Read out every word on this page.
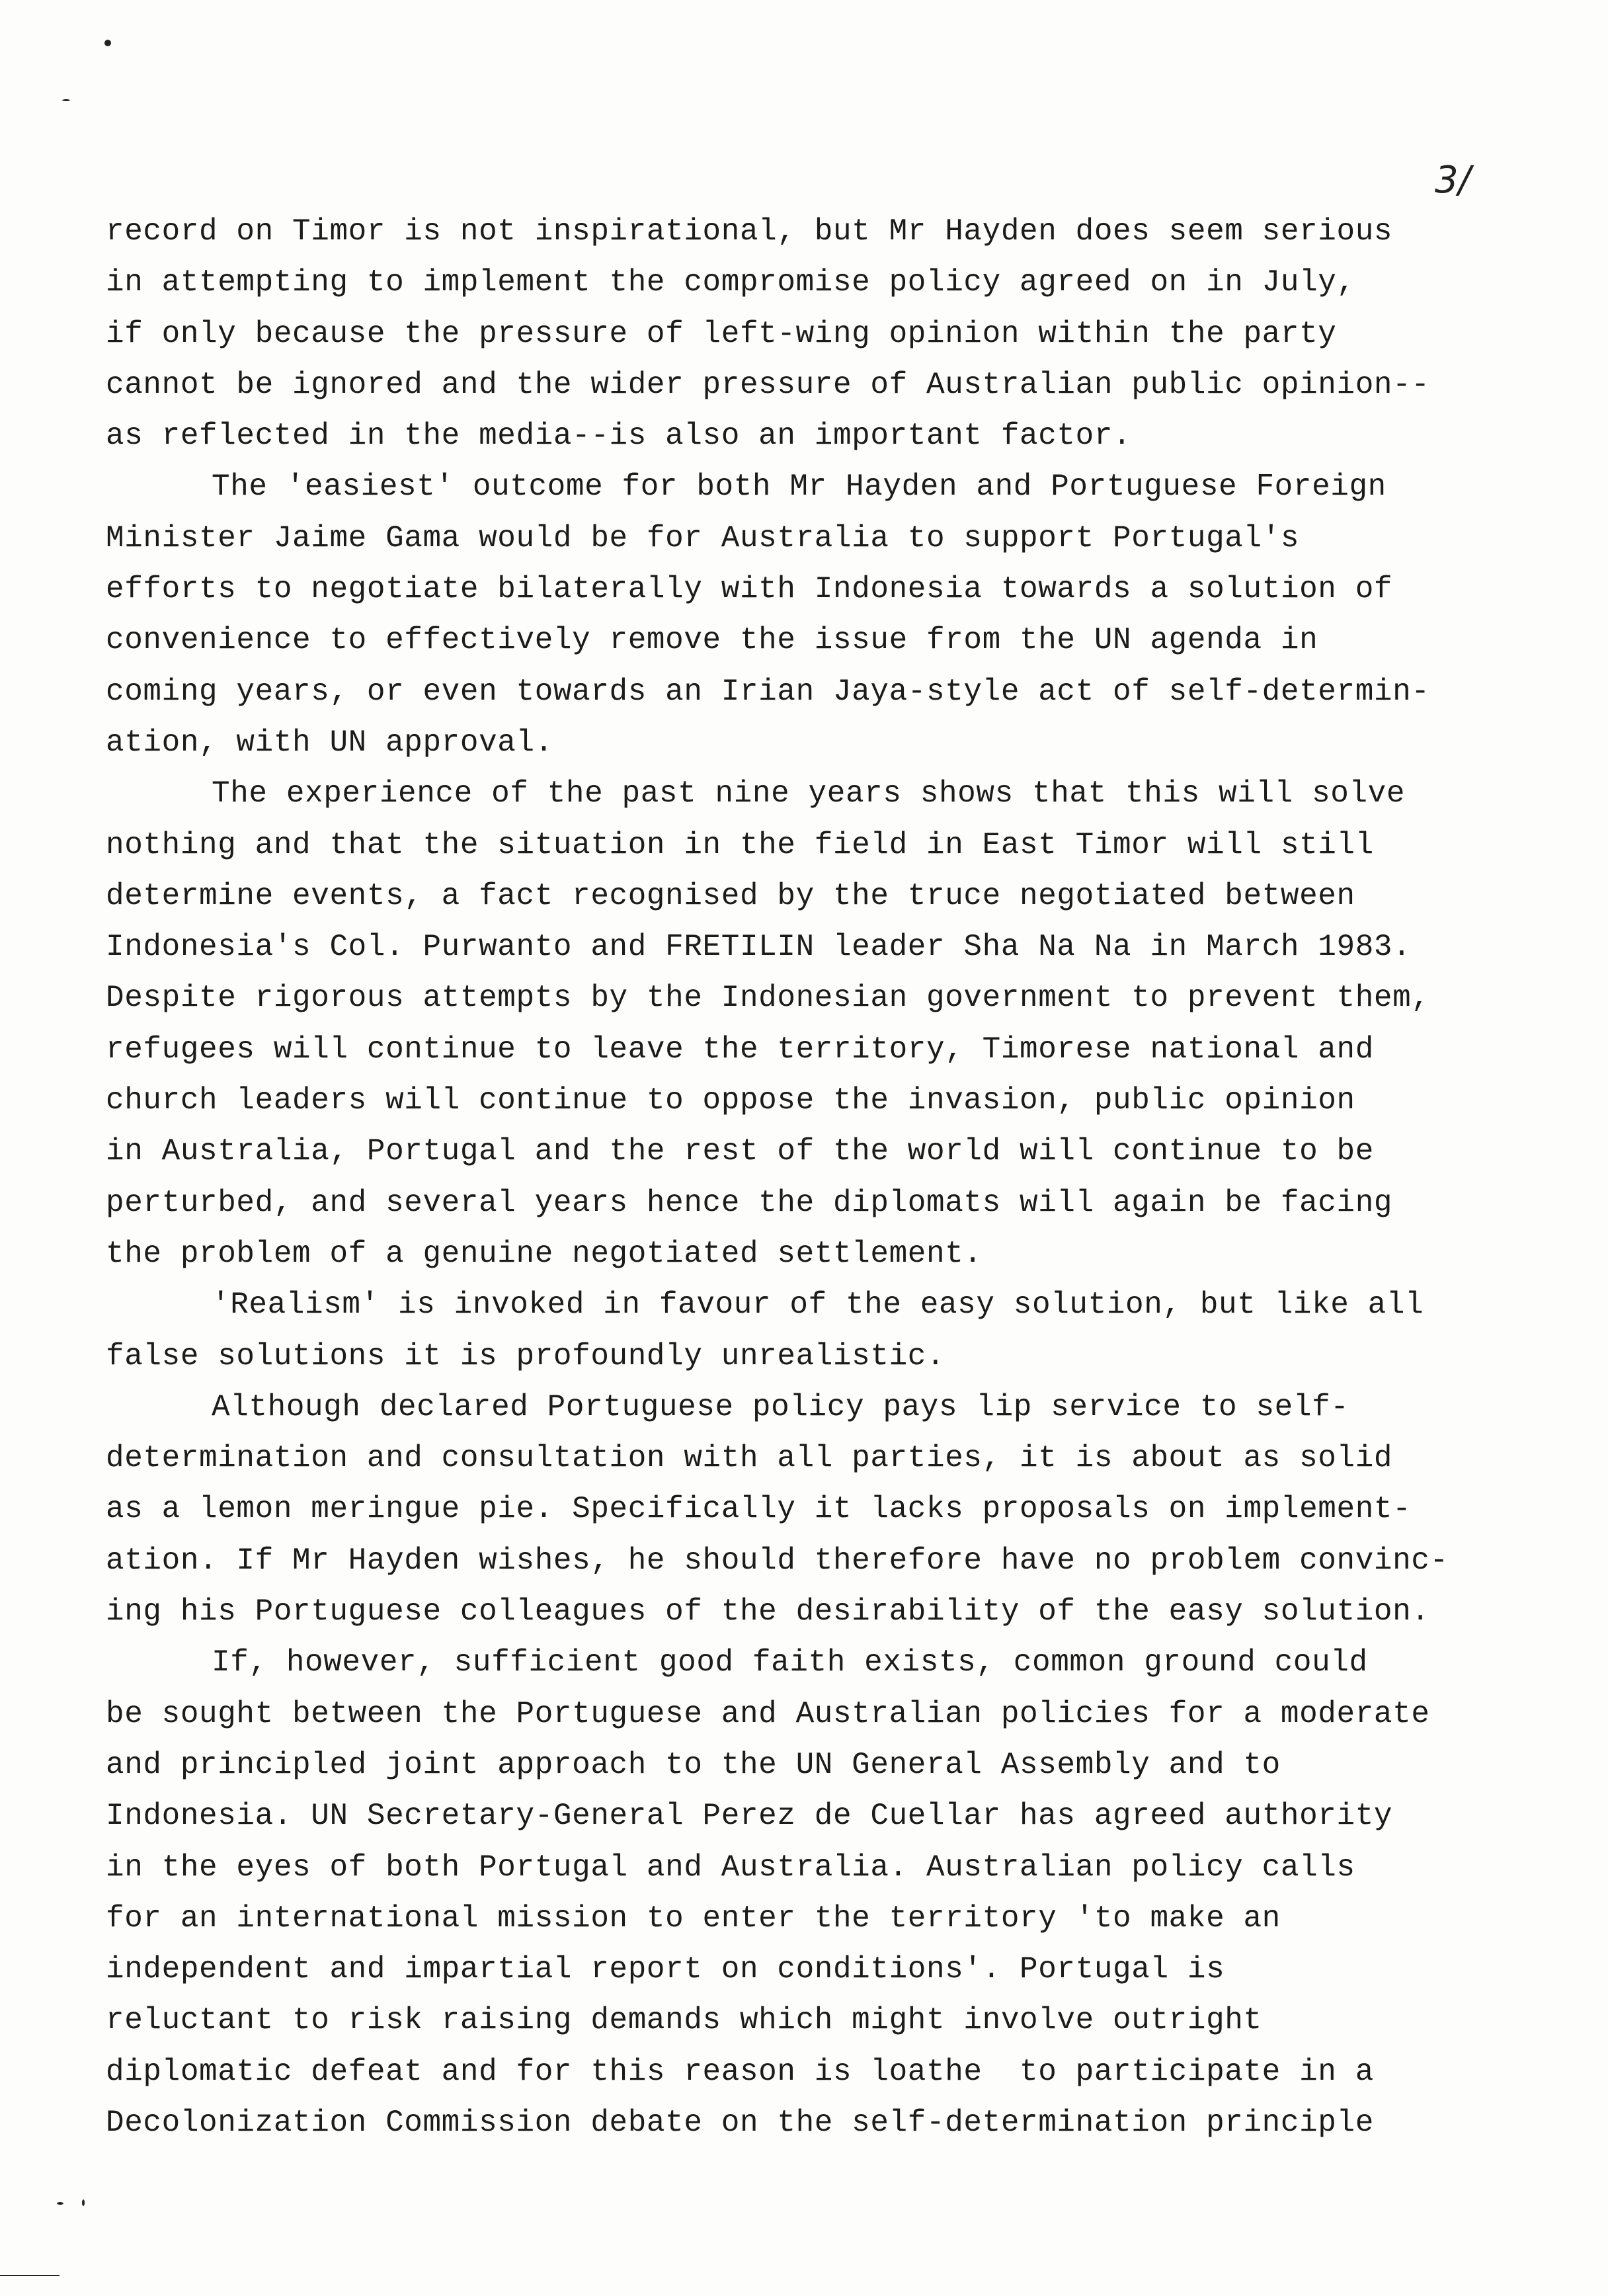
3/
record on Timor is not inspirational, but Mr Hayden does seem serious
in attempting to implement the compromise policy agreed on in July,
if only because the pressure of left-wing opinion within the party
cannot be ignored and the wider pressure of Australian public opinion--
as reflected in the media--is also an important factor.
The 'easiest' outcome for both Mr Hayden and Portuguese Foreign
Minister Jaime Gama would be for Australia to support Portugal's
efforts to negotiate bilaterally with Indonesia towards a solution of
convenience to effectively remove the issue from the UN agenda in
coming years, or even towards an Irian Jaya-style act of self-determin-
ation, with UN approval.
The experience of the past nine years shows that this will solve
nothing and that the situation in the field in East Timor will still
determine events, a fact recognised by the truce negotiated between
Indonesia's Col. Purwanto and FRETILIN leader Sha Na Na in March 1983.
Despite rigorous attempts by the Indonesian government to prevent them,
refugees will continue to leave the territory, Timorese national and
church leaders will continue to oppose the invasion, public opinion
in Australia, Portugal and the rest of the world will continue to be
perturbed, and several years hence the diplomats will again be facing
the problem of a genuine negotiated settlement.
'Realism' is invoked in favour of the easy solution, but like all
false solutions it is profoundly unrealistic.
Although declared Portuguese policy pays lip service to self-
determination and consultation with all parties, it is about as solid
as a lemon meringue pie. Specifically it lacks proposals on implement-
ation. If Mr Hayden wishes, he should therefore have no problem convinc-
ing his Portuguese colleagues of the desirability of the easy solution.
If, however, sufficient good faith exists, common ground could
be sought between the Portuguese and Australian policies for a moderate
and principled joint approach to the UN General Assembly and to
Indonesia. UN Secretary-General Perez de Cuellar has agreed authority
in the eyes of both Portugal and Australia. Australian policy calls
for an international mission to enter the territory 'to make an
independent and impartial report on conditions'. Portugal is
reluctant to risk raising demands which might involve outright
diplomatic defeat and for this reason is loathe  to participate in a
Decolonization Commission debate on the self-determination principle
